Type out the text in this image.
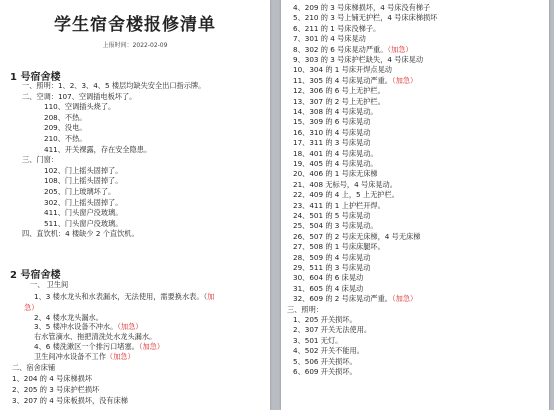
学生宿舍楼报修清单
上报时间：2022-02-09
1 号宿舍楼
一、照明：1、2、3、4、5 楼层均缺失安全出口指示牌。
二、空调：107、空调插电板坏了。
110、空调插头烧了。
208、不热。
209、没电。
210、不热。
411、开关裸露，存在安全隐患。
三、门窗：
102、门上摇头固掉了。
108、门上摇头固掉了。
205、门上玻璃坏了。
302、门上摇头固掉了。
411、门头窗户没玻璃。
511、门头窗户没玻璃。
四、直饮机：4 楼缺少 2 个直饮机。
2 号宿舍楼
一、 卫生间
1、3 楼水龙头和水表漏水，无法使用，需要换水表。（加
急）
2、4 楼水龙头漏水。
3、5 楼冲水设备不冲水。（加急）
右水管滴水、拖把清洗处水龙头漏水。
4、6 楼洗漱区一个排污口堵塞。（加急）
卫生间冲水设备不工作（加急）
二、宿舍床铺
1、204 的 4 号床梯损坏
2、205 的 3 号床护栏损坏
3、207 的 4 号床板损坏，没有床梯
4、209 的 3 号床梯损坏，4 号床没有梯子
5、210 的 3 号上铺无护栏，4 号床床梯损坏
6、211 的 1 号床没梯子。
7、301 的 4 号床晃动
8、302 的 6 号床晃动严重。（加急）
9、303 的 3 号床护栏缺失，4 号床晃动
10、304 的 1 号床开焊点晃动
11、305 的 4 号床晃动严重。（加急）
12、306 的 6 号上无护栏。
13、307 的 2 号上无护栏。
14、308 的 4 号床晃动。
15、309 的 6 号床晃动
16、310 的 4 号床晃动
17、311 的 3 号床晃动
18、401 的 4 号床晃动。
19、405 的 4 号床晃动。
20、406 的 1 号床无床梯
21、408 无标号，4 号床晃动。
22、409 的 4 上，5 上无护栏。
23、411 的 1 上护栏开焊。
24、501 的 5 号床晃动
25、504 的 3 号床晃动。
26、507 的 2 号床无床梯，4 号无床梯
27、508 的 1 号床床腿坏。
28、509 的 4 号床晃动
29、511 的 3 号床晃动
30、604 的 6 床晃动
31、605 的 4 床晃动
32、609 的 2 号床晃动严重。（加急）
三、照明：
1、205 开关损坏。
2、307 开关无法使用。
3、501 无灯。
4、502 开关不能用。
5、506 开关损坏。
6、609 开关损坏。
